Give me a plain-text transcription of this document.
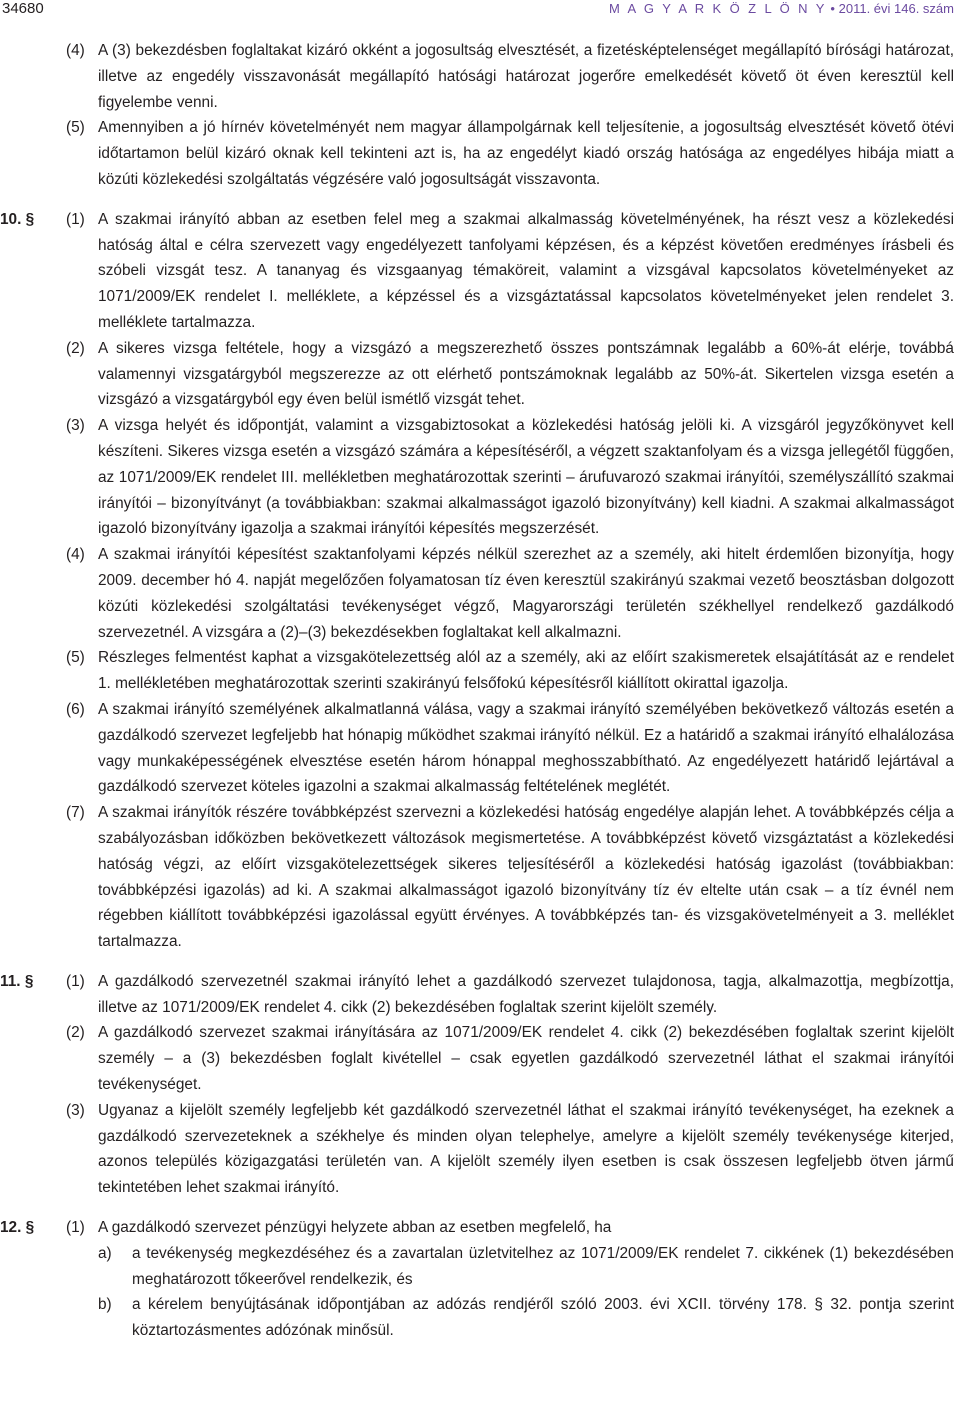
34680	M A G Y A R K Ö Z L Ö N Y • 2011. évi 146. szám
(4) A (3) bekezdésben foglaltakat kizáró okként a jogosultság elvesztését, a fizetésképtelenséget megállapító bírósági határozat, illetve az engedély visszavonását megállapító hatósági határozat jogerőre emelkedését követő öt éven keresztül kell figyelembe venni.
(5) Amennyiben a jó hírnév követelményét nem magyar állampolgárnak kell teljesítenie, a jogosultság elvesztését követő ötévi időtartamon belül kizáró oknak kell tekinteni azt is, ha az engedélyt kiadó ország hatósága az engedélyes hibája miatt a közúti közlekedési szolgáltatás végzésére való jogosultságát visszavonta.
10. §	(1) A szakmai irányító abban az esetben felel meg a szakmai alkalmasság követelményének, ha részt vesz a közlekedési hatóság által e célra szervezett vagy engedélyezett tanfolyami képzésen, és a képzést követően eredményes írásbeli és szóbeli vizsgát tesz. A tananyag és vizsgaanyag témaköreit, valamint a vizsgával kapcsolatos követelményeket az 1071/2009/EK rendelet I. melléklete, a képzéssel és a vizsgáztatással kapcsolatos követelményeket jelen rendelet 3. melléklete tartalmazza.
(2) A sikeres vizsga feltétele, hogy a vizsgázó a megszerezhető összes pontszámnak legalább a 60%-át elérje, továbbá valamennyi vizsgatárgyból megszerezze az ott elérhető pontszámoknak legalább az 50%-át. Sikertelen vizsga esetén a vizsgázó a vizsgatárgyból egy éven belül ismétlő vizsgát tehet.
(3) A vizsga helyét és időpontját, valamint a vizsgabiztosokat a közlekedési hatóság jelöli ki. A vizsgáról jegyzőkönyvet kell készíteni. Sikeres vizsga esetén a vizsgázó számára a képesítéséről, a végzett szaktanfolyam és a vizsga jellegétől függően, az 1071/2009/EK rendelet III. mellékletben meghatározottak szerinti – árufuvarozó szakmai irányítói, személyszállító szakmai irányítói – bizonyítványt (a továbbiakban: szakmai alkalmasságot igazoló bizonyítvány) kell kiadni. A szakmai alkalmasságot igazoló bizonyítvány igazolja a szakmai irányítói képesítés megszerzését.
(4) A szakmai irányítói képesítést szaktanfolyami képzés nélkül szerezhet az a személy, aki hitelt érdemlően bizonyítja, hogy 2009. december hó 4. napját megelőzően folyamatosan tíz éven keresztül szakirányú szakmai vezető beosztásban dolgozott közúti közlekedési szolgáltatási tevékenységet végző, Magyarországi területén székhellyel rendelkező gazdálkodó szervezetnél. A vizsgára a (2)–(3) bekezdésekben foglaltakat kell alkalmazni.
(5) Részleges felmentést kaphat a vizsgakötelezettség alól az a személy, aki az előírt szakismeretek elsajátítását az e rendelet 1. mellékletében meghatározottak szerinti szakirányú felsőfokú képesítésről kiállított okirattal igazolja.
(6) A szakmai irányító személyének alkalmatlanná válása, vagy a szakmai irányító személyében bekövetkező változás esetén a gazdálkodó szervezet legfeljebb hat hónapig működhet szakmai irányító nélkül. Ez a határidő a szakmai irányító elhalálozása vagy munkaképességének elvesztése esetén három hónappal meghosszabbítható. Az engedélyezett határidő lejártával a gazdálkodó szervezet köteles igazolni a szakmai alkalmasság feltételének meglétét.
(7) A szakmai irányítók részére továbbképzést szervezni a közlekedési hatóság engedélye alapján lehet. A továbbképzés célja a szabályozásban időközben bekövetkezett változások megismertetése. A továbbképzést követő vizsgáztatást a közlekedési hatóság végzi, az előírt vizsgakötelezettségek sikeres teljesítéséről a közlekedési hatóság igazolást (továbbiakban: továbbképzési igazolás) ad ki. A szakmai alkalmasságot igazoló bizonyítvány tíz év eltelte után csak – a tíz évnél nem régebben kiállított továbbképzési igazolással együtt érvényes. A továbbképzés tan- és vizsgakövetelményeit a 3. melléklet tartalmazza.
11. §	(1) A gazdálkodó szervezetnél szakmai irányító lehet a gazdálkodó szervezet tulajdonosa, tagja, alkalmazottja, megbízottja, illetve az 1071/2009/EK rendelet 4. cikk (2) bekezdésében foglaltak szerint kijelölt személy.
(2) A gazdálkodó szervezet szakmai irányítására az 1071/2009/EK rendelet 4. cikk (2) bekezdésében foglaltak szerint kijelölt személy – a (3) bekezdésben foglalt kivétellel – csak egyetlen gazdálkodó szervezetnél láthat el szakmai irányítói tevékenységet.
(3) Ugyanaz a kijelölt személy legfeljebb két gazdálkodó szervezetnél láthat el szakmai irányító tevékenységet, ha ezeknek a gazdálkodó szervezeteknek a székhelye és minden olyan telephelye, amelyre a kijelölt személy tevékenysége kiterjed, azonos település közigazgatási területén van. A kijelölt személy ilyen esetben is csak összesen legfeljebb ötven jármű tekintetében lehet szakmai irányító.
12. §	(1) A gazdálkodó szervezet pénzügyi helyzete abban az esetben megfelelő, ha
a) a tevékenység megkezdéséhez és a zavartalan üzletvitelhez az 1071/2009/EK rendelet 7. cikkének (1) bekezdésében meghatározott tőkeerővel rendelkezik, és
b) a kérelem benyújtásának időpontjában az adózás rendjéről szóló 2003. évi XCII. törvény 178. § 32. pontja szerint köztartozásmentes adózónak minősül.
